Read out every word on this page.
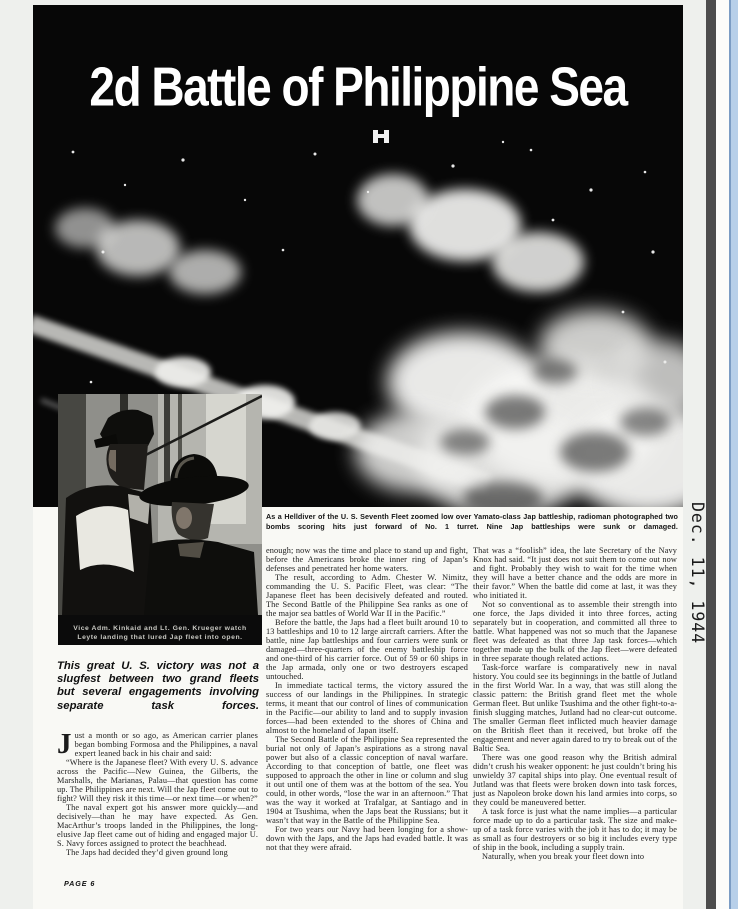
2d Battle of Philippine Sea
Vice Adm. Kinkaid and Lt. Gen. Krueger watch
Leyte landing that lured Jap fleet into open.
As a Helldiver of the U. S. Seventh Fleet zoomed low over Yamato-class Jap battleship, radioman photographed two bombs scoring hits just forward of No. 1 turret. Nine Jap battleships were sunk or damaged.
This great U. S. victory was not a slugfest between two grand fleets but several engagements involving separate task forces.

Just a month or so ago, as American carrier planes began bombing Formosa and the Philippines, a naval expert leaned back in his chair and said:

“Where is the Japanese fleet? With every U. S. advance across the Pacific—New Guinea, the Gilberts, the Marshalls, the Marianas, Palau—that question has come up. The Philippines are next. Will the Jap fleet come out to fight? Will they risk it this time—or next time—or when?”

The naval expert got his answer more quickly—and decisively—than he may have expected. As Gen. MacArthur’s troops landed in the Philippines, the long-elusive Jap fleet came out of hiding and engaged major U. S. Navy forces assigned to protect the beachhead.

The Japs had decided they’d given ground long

enough; now was the time and place to stand up and fight, before the Americans broke the inner ring of Japan’s defenses and penetrated her home waters.

The result, according to Adm. Chester W. Nimitz, commanding the U. S. Pacific Fleet, was clear: “The Japanese fleet has been decisively defeated and routed. The Second Battle of the Philippine Sea ranks as one of the major sea battles of World War II in the Pacific.”

Before the battle, the Japs had a fleet built around 10 to 13 battleships and 10 to 12 large aircraft carriers. After the battle, nine Jap battleships and four carriers were sunk or damaged—three-quarters of the enemy battleship force and one-third of his carrier force. Out of 59 or 60 ships in the Jap armada, only one or two destroyers escaped untouched.

In immediate tactical terms, the victory assured the success of our landings in the Philippines. In strategic terms, it meant that our control of lines of communication in the Pacific—our ability to land and to supply invasion forces—had been extended to the shores of China and almost to the homeland of Japan itself.

The Second Battle of the Philippine Sea represented the burial not only of Japan’s aspirations as a strong naval power but also of a classic conception of naval warfare. According to that conception of battle, one fleet was supposed to approach the other in line or column and slug it out until one of them was at the bottom of the sea. You could, in other words, “lose the war in an afternoon.” That was the way it worked at Trafalgar, at Santiago and in 1904 at Tsushima, when the Japs beat the Russians; but it wasn’t that way in the Battle of the Philippine Sea.

For two years our Navy had been longing for a show-down with the Japs, and the Japs had evaded battle. It was not that they were afraid.

That was a “foolish” idea, the late Secretary of the Navy Knox had said. “It just does not suit them to come out now and fight. Probably they wish to wait for the time when they will have a better chance and the odds are more in their favor.” When the battle did come at last, it was they who initiated it.

Not so conventional as to assemble their strength into one force, the Japs divided it into three forces, acting separately but in cooperation, and committed all three to battle. What happened was not so much that the Japanese fleet was defeated as that three Jap task forces—which together made up the bulk of the Jap fleet—were defeated in three separate though related actions.

Task-force warfare is comparatively new in naval history. You could see its beginnings in the battle of Jutland in the first World War. In a way, that was still along the classic pattern: the British grand fleet met the whole German fleet. But unlike Tsushima and the other fight-to-a-finish slugging matches, Jutland had no clear-cut outcome. The smaller German fleet inflicted much heavier damage on the British fleet than it received, but broke off the engagement and never again dared to try to break out of the Baltic Sea.

There was one good reason why the British admiral didn’t crush his weaker opponent: he just couldn’t bring his unwieldy 37 capital ships into play. One eventual result of Jutland was that fleets were broken down into task forces, just as Napoleon broke down his land armies into corps, so they could be maneuvered better.

A task force is just what the name implies—a particular force made up to do a particular task. The size and make-up of a task force varies with the job it has to do; it may be as small as four destroyers or so big it includes every type of ship in the book, including a supply train.

Naturally, when you break your fleet down into

PAGE 6
Dec. 11, 1944
